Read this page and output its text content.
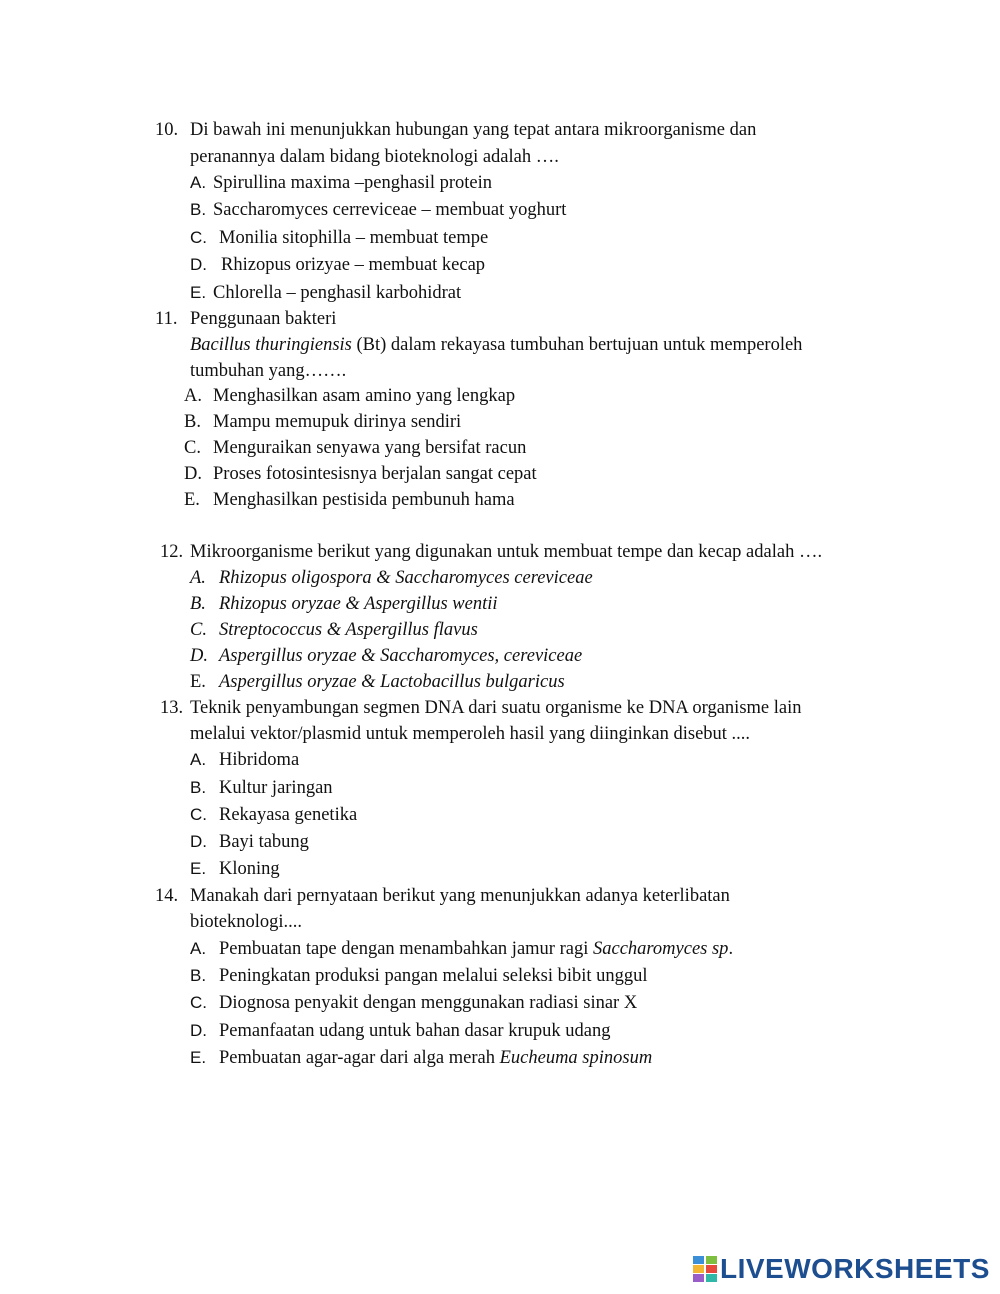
10. Di bawah ini menunjukkan hubungan yang tepat antara mikroorganisme dan
peranannya dalam bidang bioteknologi adalah ….
A. Spirullina maxima –penghasil protein
B. Saccharomyces cerreviceae – membuat yoghurt
C. Monilia sitophilla – membuat tempe
D. Rhizopus orizyae – membuat kecap
E. Chlorella – penghasil karbohidrat
11. Penggunaan bakteri
Bacillus thuringiensis (Bt) dalam rekayasa tumbuhan bertujuan untuk memperoleh
tumbuhan yang…….
A. Menghasilkan asam amino yang lengkap
B. Mampu memupuk dirinya sendiri
C. Menguraikan senyawa yang bersifat racun
D. Proses fotosintesisnya berjalan sangat cepat
E. Menghasilkan pestisida pembunuh hama
12. Mikroorganisme berikut yang digunakan untuk membuat tempe dan kecap adalah ….
A. Rhizopus oligospora & Saccharomyces cereviceae
B. Rhizopus oryzae & Aspergillus wentii
C. Streptococcus & Aspergillus flavus
D. Aspergillus oryzae & Saccharomyces, cereviceae
E. Aspergillus oryzae & Lactobacillus bulgaricus
13. Teknik penyambungan segmen DNA dari suatu organisme ke DNA organisme lain
melalui vektor/plasmid untuk memperoleh hasil yang diinginkan disebut ....
A. Hibridoma
B. Kultur jaringan
C. Rekayasa genetika
D. Bayi tabung
E. Kloning
14. Manakah dari pernyataan berikut yang menunjukkan adanya keterlibatan
bioteknologi....
A. Pembuatan tape dengan menambahkan jamur ragi Saccharomyces sp.
B. Peningkatan produksi pangan melalui seleksi bibit unggul
C. Diognosa penyakit dengan menggunakan radiasi sinar X
D. Pemanfaatan udang untuk bahan dasar krupuk udang
E. Pembuatan agar-agar dari alga merah Eucheuma spinosum
LIVEWORKSHEETS
